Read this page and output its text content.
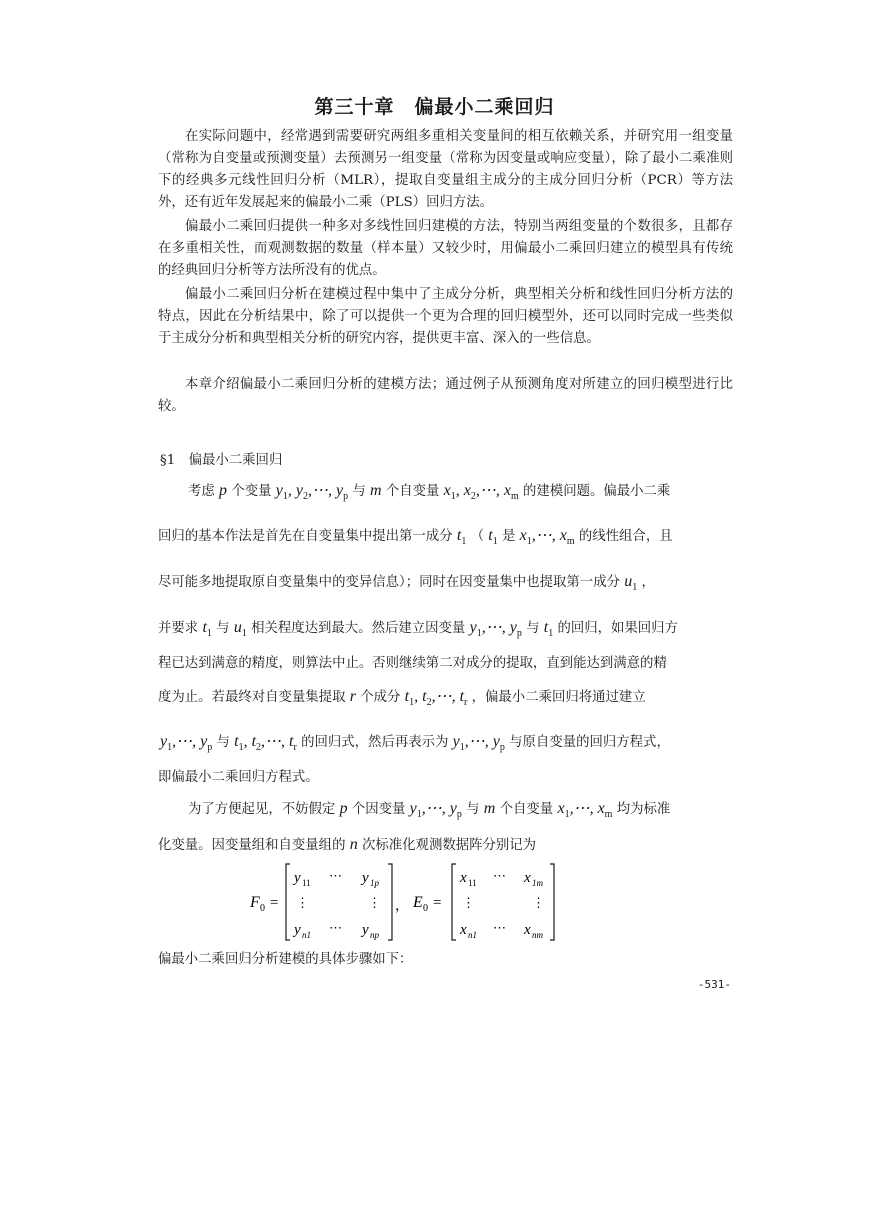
第三十章　偏最小二乘回归

在实际问题中，经常遇到需要研究两组多重相关变量间的相互依赖关系，并研究用一组变量（常称为自变量或预测变量）去预测另一组变量（常称为因变量或响应变量），除了最小二乘准则下的经典多元线性回归分析（MLR），提取自变量组主成分的主成分回归分析（PCR）等方法外，还有近年发展起来的偏最小二乘（PLS）回归方法。

偏最小二乘回归提供一种多对多线性回归建模的方法，特别当两组变量的个数很多，且都存在多重相关性，而观测数据的数量（样本量）又较少时，用偏最小二乘回归建立的模型具有传统的经典回归分析等方法所没有的优点。

偏最小二乘回归分析在建模过程中集中了主成分分析，典型相关分析和线性回归分析方法的特点，因此在分析结果中，除了可以提供一个更为合理的回归模型外，还可以同时完成一些类似于主成分分析和典型相关分析的研究内容，提供更丰富、深入的一些信息。

本章介绍偏最小二乘回归分析的建模方法；通过例子从预测角度对所建立的回归模型进行比较。

§1　偏最小二乘回归
考虑 p 个变量 $y_1$, $y_2,\cdots$, $y_p$ 与 m 个自变量 $x_1$, $x_2,\cdots$, $x_m$ 的建模问题。偏最小二乘
回归的基本作法是首先在自变量集中提出第一成分 $t_1$ （ $t_1$ 是 $x_1,\cdots$, $x_m$ 的线性组合，且
尽可能多地提取原自变量集中的变异信息）；同时在因变量集中也提取第一成分 $u_1$ ，
并要求 $t_1$ 与 $u_1$ 相关程度达到最大。然后建立因变量 $y_1,\cdots$, $y_p$ 与 $t_1$ 的回归，如果回归方
程已达到满意的精度，则算法中止。否则继续第二对成分的提取，直到能达到满意的精
度为止。若最终对自变量集提取 r 个成分 $t_1$, $t_2,\cdots$, $t_r$ ，偏最小二乘回归将通过建立
$y_1,\cdots$, $y_p$ 与 $t_1$, $t_2,\cdots$, $t_r$ 的回归式，然后再表示为 $y_1,\cdots$, $y_p$ 与原自变量的回归方程式，
即偏最小二乘回归方程式。
为了方便起见，不妨假定 p 个因变量 $y_1,\cdots$, $y_p$ 与 m 个自变量 $x_1,\cdots$, $x_m$ 均为标准
化变量。因变量组和自变量组的 n 次标准化观测数据阵分别记为
F 0 =
y 11 ⋯ y 1p
⋮	⋮
y n1 ⋯ y np
， E 0 =
x 11 ⋯ x 1m
⋮	⋮
x n1 ⋯ x nm
偏最小二乘回归分析建模的具体步骤如下：
-531-
